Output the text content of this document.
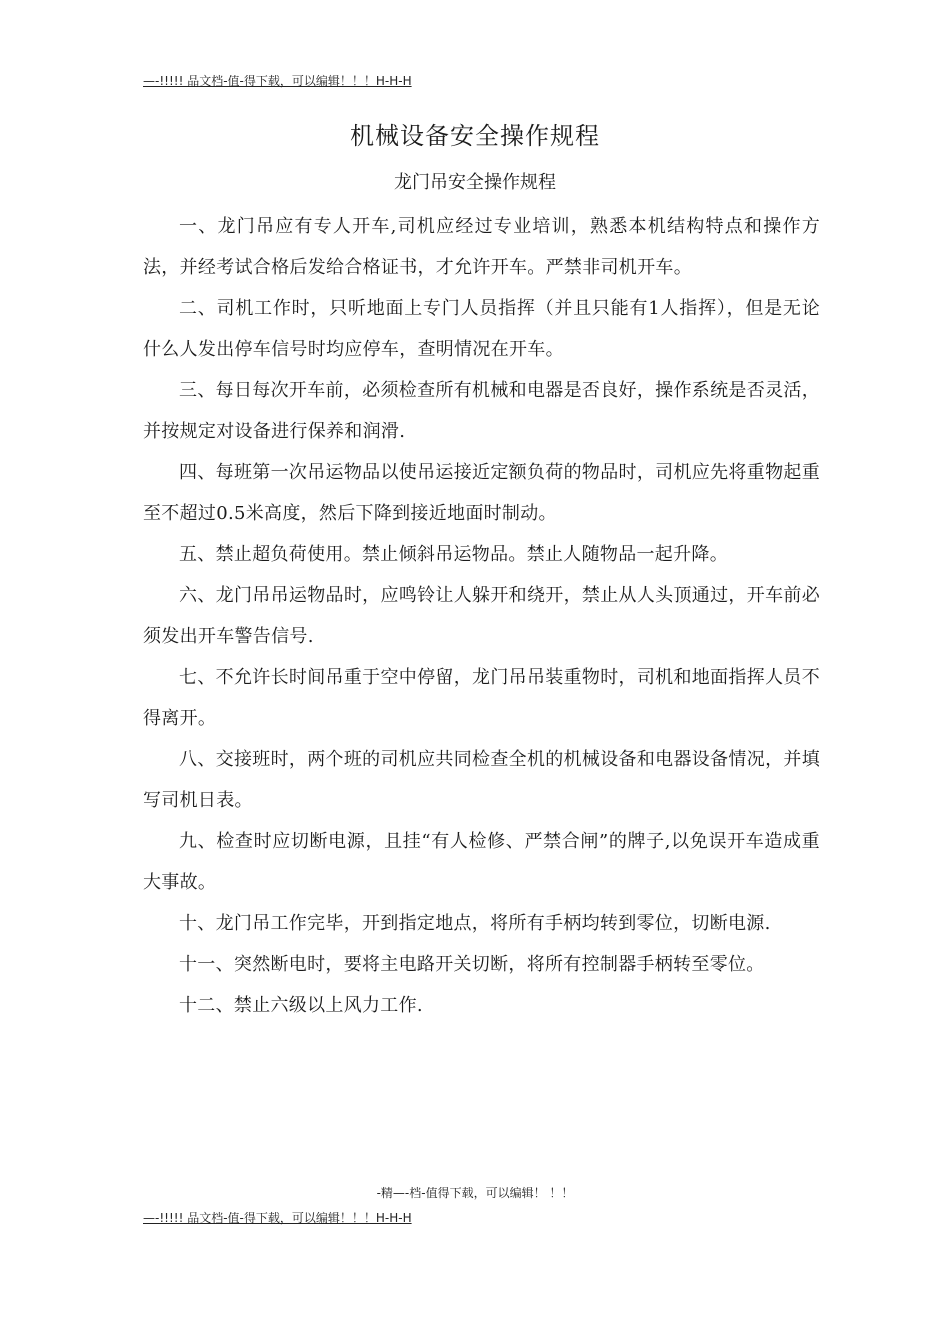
—-!!!!! 品文档-值-得下载，可以编辑！！！H-H-H
机械设备安全操作规程
龙门吊安全操作规程

一、龙门吊应有专人开车,司机应经过专业培训，熟悉本机结构特点和操作方法，并经考试合格后发给合格证书，才允许开车。严禁非司机开车。

二、司机工作时，只听地面上专门人员指挥（并且只能有1人指挥），但是无论什么人发出停车信号时均应停车，查明情况在开车。

三、每日每次开车前，必须检查所有机械和电器是否良好，操作系统是否灵活，并按规定对设备进行保养和润滑.

四、每班第一次吊运物品以使吊运接近定额负荷的物品时，司机应先将重物起重至不超过0.5米高度，然后下降到接近地面时制动。

五、禁止超负荷使用。禁止倾斜吊运物品。禁止人随物品一起升降。

六、龙门吊吊运物品时，应鸣铃让人躲开和绕开，禁止从人头顶通过，开车前必须发出开车警告信号.

七、不允许长时间吊重于空中停留，龙门吊吊装重物时，司机和地面指挥人员不得离开。

八、交接班时，两个班的司机应共同检查全机的机械设备和电器设备情况，并填写司机日表。

九、检查时应切断电源，且挂“有人检修、严禁合闸”的牌子,以免误开车造成重大事故。

十、龙门吊工作完毕，开到指定地点，将所有手柄均转到零位，切断电源.

十一、突然断电时，要将主电路开关切断，将所有控制器手柄转至零位。

十二、禁止六级以上风力工作.

-精—-档-值得下载，可以编辑！ ！！
—-!!!!! 品文档-值-得下载，可以编辑！！！H-H-H
